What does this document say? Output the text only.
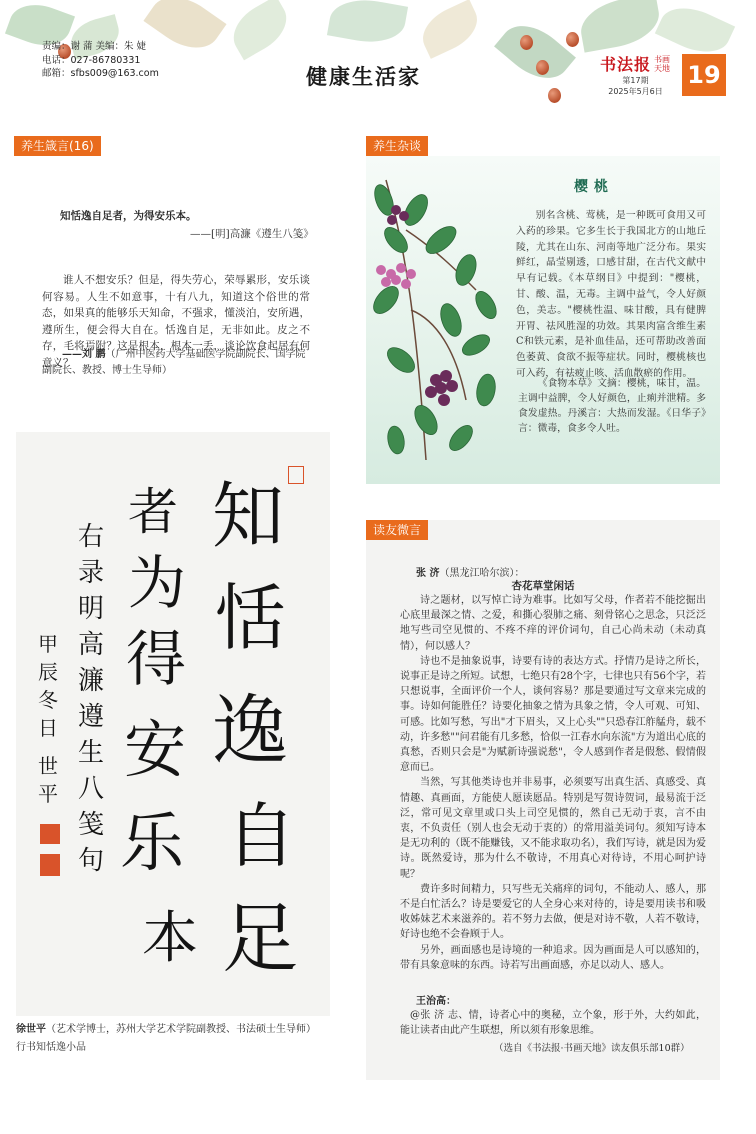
责编：谢 蒲 美编：朱 婕
电话：027-86780331
邮箱：sfbs009@163.com	健康生活家	书法报 书画天地
第17期
2025年5月6日
19
养生箴言(16)
知恬逸自足者，为得安乐本。
——[明]高濂《遵生八笺》
谁人不想安乐？但是，得失劳心，荣辱累形，安乐谈何容易。人生不如意事，十有八九，知道这个俗世的常态，如果真的能够乐天知命，不强求，懂淡泊，安所遇，遵所生，便会得大自在。恬逸自足，无非如此。皮之不存，毛将焉附？这是根本，根本一丢，谈论饮食起居有何意义？
——刘 鹏（广州中医药大学基础医学院副院长、国学院副院长、教授、博士生导师）
知
恬
逸
自
足
者
为
得
安
乐
本
右
录
明
高
濂
遵
生
八
笺
句
甲
辰
冬
日
世
平
徐世平（艺术学博士，苏州大学艺术学院副教授、书法硕士生导师）
行书知恬逸小品
养生杂谈
樱桃
别名含桃、莺桃，是一种既可食用又可入药的珍果。它多生长于我国北方的山地丘陵，尤其在山东、河南等地广泛分布。果实鲜红，晶莹剔透，口感甘甜，在古代文献中早有记载。《本草纲目》中提到："樱桃，甘、酸、温，无毒。主调中益气，令人好颜色，美志。"樱桃性温、味甘酸，具有健脾开胃、祛风胜湿的功效。其果肉富含维生素C和铁元素，是补血佳品，还可帮助改善面色萎黄、食欲不振等症状。同时，樱桃核也可入药，有祛疲止咳、活血散瘀的作用。
《食物本草》文摘：樱桃，味甘，温。主调中益脾，令人好颜色，止痢并泄精。多食发虚热。丹溪言：大热而发湿。《日华子》言：微毒，食多令人吐。
读友微言
张 济（黑龙江哈尔滨）：
杏花草堂闲话

诗之题材，以写悼亡诗为难事。比如写父母，作者若不能挖掘出心底里最深之情、之爱，和撕心裂肺之痛、刻骨铭心之思念，只泛泛地写些司空见惯的、不疼不痒的评价词句，自己心尚未动（未动真情），何以感人？

诗也不是抽象说事，诗要有诗的表达方式。抒情乃是诗之所长，说事正是诗之所短。试想，七绝只有28个字，七律也只有56个字，若只想说事，全面评价一个人，谈何容易？那是要通过写文章来完成的事。诗如何能胜任？诗要化抽象之情为具象之情，令人可观、可知、可感。比如写愁，写出"才下眉头，又上心头""只恐春江舴艋舟，载不动，许多愁""问君能有几多愁，恰似一江春水向东流"方为道出心底的真愁，否则只会是"为赋新诗强说愁"，令人感到作者是假愁、假情假意而已。

当然，写其他类诗也并非易事，必须要写出真生活、真感受、真情趣、真画面，方能使人愿读愿品。特别是写贺诗贺词，最易流于泛泛，常可见文章里或口头上司空见惯的，然自己无动于衷，言不由衷，不负责任（别人也会无动于衷的）的常用溢美词句。须知写诗本是无功利的（既不能赚钱，又不能求取功名），我们写诗，就是因为爱诗。既然爱诗，那为什么不敬诗，不用真心对待诗，不用心呵护诗呢？

费许多时间精力，只写些无关痛痒的词句，不能动人、感人，那不是白忙活么？诗是要爱它的人全身心来对待的，诗是要用读书和吸收姊妹艺术来滋养的。若不努力去做，便是对诗不敬，人若不敬诗，好诗也绝不会眷顾于人。

另外，画面感也是诗境的一种追求。因为画面是人可以感知的，带有具象意味的东西。诗若写出画面感，亦足以动人、感人。

王治高：
@张 济 志、情，诗者心中的奥秘，立个象，形于外，大约如此，能让读者由此产生联想，所以须有形象思维。
（选自《书法报·书画天地》读友俱乐部10群）
